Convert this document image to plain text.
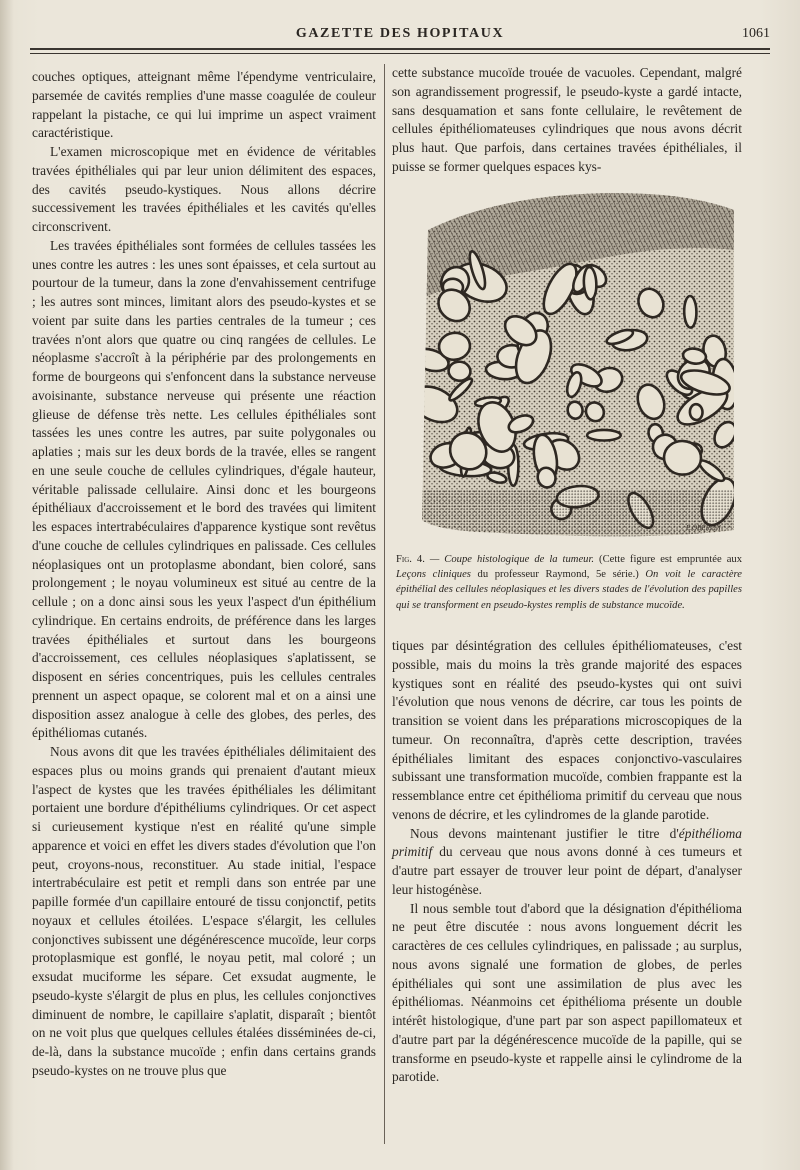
GAZETTE DES HOPITAUX	1061

couches optiques, atteignant même l'épendyme ventriculaire, parsemée de cavités remplies d'une masse coagulée de couleur rappelant la pistache, ce qui lui imprime un aspect vraiment caractéristique.

L'examen microscopique met en évidence de véritables travées épithéliales qui par leur union délimitent des espaces, des cavités pseudo-kystiques. Nous allons décrire successivement les travées épithéliales et les cavités qu'elles circonscrivent.

Les travées épithéliales sont formées de cellules tassées les unes contre les autres : les unes sont épaisses, et cela surtout au pourtour de la tumeur, dans la zone d'envahissement centrifuge ; les autres sont minces, limitant alors des pseudo-kystes et se voient par suite dans les parties centrales de la tumeur ; ces travées n'ont alors que quatre ou cinq rangées de cellules. Le néoplasme s'accroît à la périphérie par des prolongements en forme de bourgeons qui s'enfoncent dans la substance nerveuse avoisinante, substance nerveuse qui présente une réaction glieuse de défense très nette. Les cellules épithéliales sont tassées les unes contre les autres, par suite polygonales ou aplaties ; mais sur les deux bords de la travée, elles se rangent en une seule couche de cellules cylindriques, d'égale hauteur, véritable palissade cellulaire. Ainsi donc et les bourgeons épithéliaux d'accroissement et le bord des travées qui limitent les espaces intertrabéculaires d'apparence kystique sont revêtus d'une couche de cellules cylindriques en palissade. Ces cellules néoplasiques ont un protoplasme abondant, bien coloré, sans prolongement ; le noyau volumineux est situé au centre de la cellule ; on a donc ainsi sous les yeux l'aspect d'un épithélium cylindrique. En certains endroits, de préférence dans les larges travées épithéliales et surtout dans les bourgeons d'accroissement, ces cellules néoplasiques s'aplatissent, se disposent en séries concentriques, puis les cellules centrales prennent un aspect opaque, se colorent mal et on a ainsi une disposition assez analogue à celle des globes, des perles, des épithéliomas cutanés.

Nous avons dit que les travées épithéliales délimitaient des espaces plus ou moins grands qui prenaient d'autant mieux l'aspect de kystes que les travées épithéliales les délimitant portaient une bordure d'épithéliums cylindriques. Or cet aspect si curieusement kystique n'est en réalité qu'une simple apparence et voici en effet les divers stades d'évolution que l'on peut, croyons-nous, reconstituer. Au stade initial, l'espace intertrabéculaire est petit et rempli dans son entrée par une papille formée d'un capillaire entouré de tissu conjonctif, petits noyaux et cellules étoilées. L'espace s'élargit, les cellules conjonctives subissent une dégénérescence mucoïde, leur corps protoplasmique est gonflé, le noyau petit, mal coloré ; un exsudat muciforme les sépare. Cet exsudat augmente, le pseudo-kyste s'élargit de plus en plus, les cellules conjonctives diminuent de nombre, le capillaire s'aplatit, disparaît ; bientôt on ne voit plus que quelques cellules étalées disséminées de-ci, de-là, dans la substance mucoïde ; enfin dans certains grands pseudo-kystes on ne trouve plus que

cette substance mucoïde trouée de vacuoles. Cependant, malgré son agrandissement progressif, le pseudo-kyste a gardé intacte, sans desquamation et sans fonte cellulaire, le revêtement de cellules épithéliomateuses cylindriques que nous avons décrit plus haut. Que parfois, dans certaines travées épithéliales, il puisse se former quelques espaces kys-

E.OBERLIN
Fig. 4. — Coupe histologique de la tumeur. (Cette figure est empruntée aux Leçons cliniques du professeur Raymond, 5e série.) On voit le caractère épithélial des cellules néoplasiques et les divers stades de l'évolution des papilles qui se transforment en pseudo-kystes remplis de substance mucoïde.

tiques par désintégration des cellules épithéliomateuses, c'est possible, mais du moins la très grande majorité des espaces kystiques sont en réalité des pseudo-kystes qui ont suivi l'évolution que nous venons de décrire, car tous les points de transition se voient dans les préparations microscopiques de la tumeur. On reconnaîtra, d'après cette description, travées épithéliales limitant des espaces conjonctivo-vasculaires subissant une transformation mucoïde, combien frappante est la ressemblance entre cet épithélioma primitif du cerveau que nous venons de décrire, et les cylindromes de la glande parotide.

Nous devons maintenant justifier le titre d'épithélioma primitif du cerveau que nous avons donné à ces tumeurs et d'autre part essayer de trouver leur point de départ, d'analyser leur histogénèse.

Il nous semble tout d'abord que la désignation d'épithélioma ne peut être discutée : nous avons longuement décrit les caractères de ces cellules cylindriques, en palissade ; au surplus, nous avons signalé une formation de globes, de perles épithéliales qui sont une assimilation de plus avec les épithéliomas. Néanmoins cet épithélioma présente un double intérêt histologique, d'une part par son aspect papillomateux et d'autre part par la dégénérescence mucoïde de la papille, qui se transforme en pseudo-kyste et rappelle ainsi le cylindrome de la parotide.
